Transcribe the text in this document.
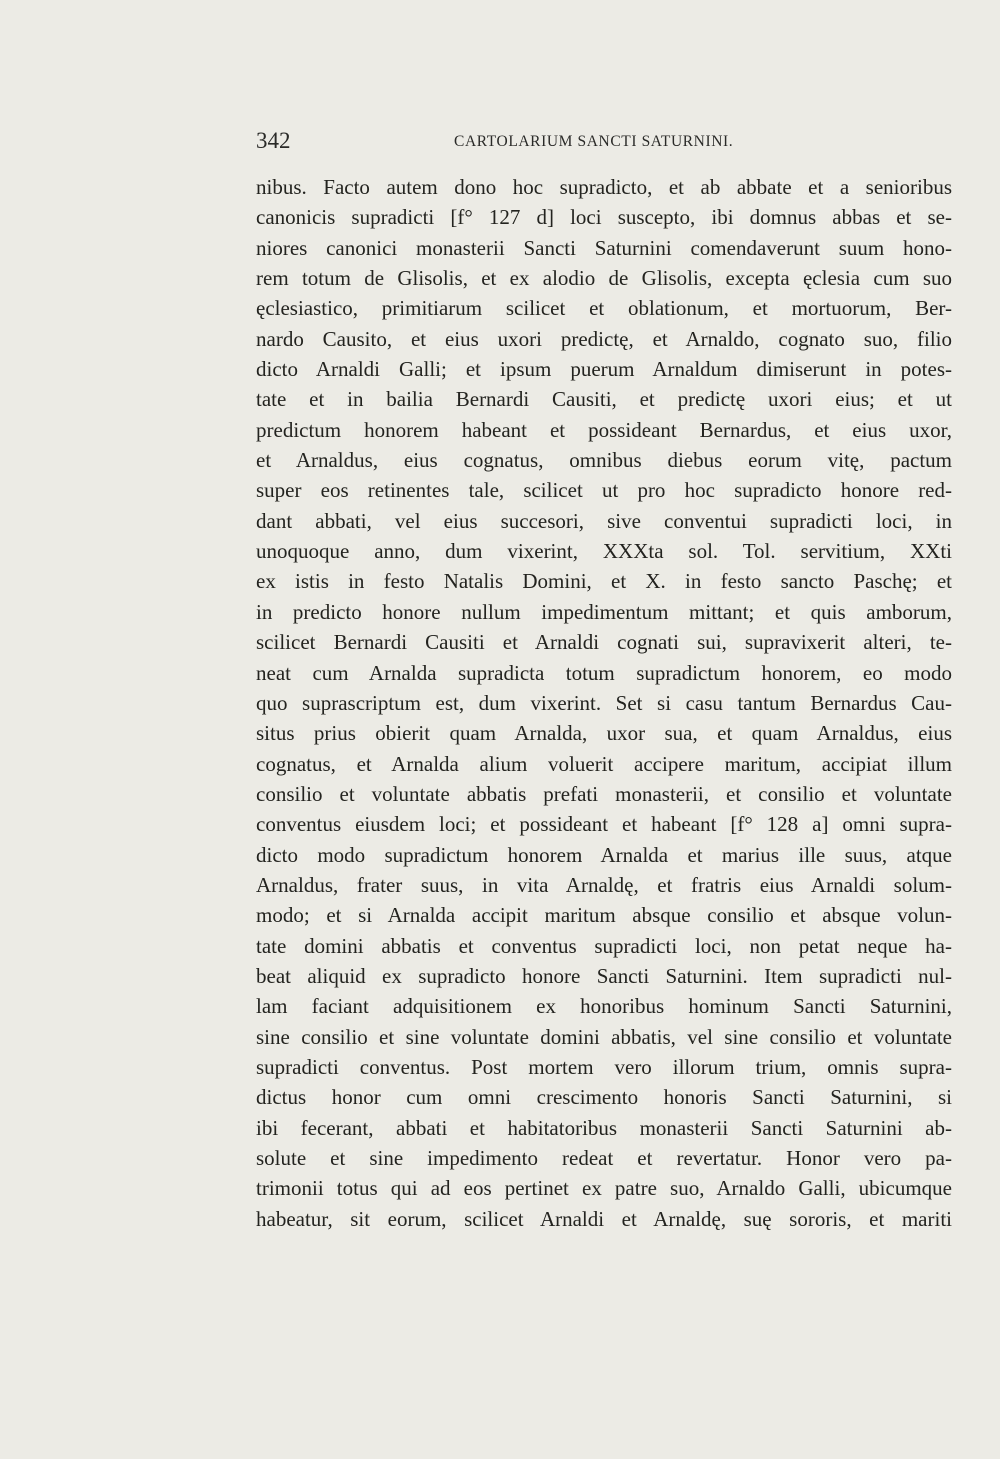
342	CARTOLARIUM SANCTI SATURNINI.
nibus. Facto autem dono hoc supradicto, et ab abbate et a senioribus
canonicis supradicti [f° 127 d] loci suscepto, ibi domnus abbas et se-
niores canonici monasterii Sancti Saturnini comendaverunt suum hono-
rem totum de Glisolis, et ex alodio de Glisolis, excepta ęclesia cum suo
ęclesiastico, primitiarum scilicet et oblationum, et mortuorum, Ber-
nardo Causito, et eius uxori predictę, et Arnaldo, cognato suo, filio
dicto Arnaldi Galli; et ipsum puerum Arnaldum dimiserunt in potes-
tate et in bailia Bernardi Causiti, et predictę uxori eius; et ut
predictum honorem habeant et possideant Bernardus, et eius uxor,
et Arnaldus, eius cognatus, omnibus diebus eorum vitę, pactum
super eos retinentes tale, scilicet ut pro hoc supradicto honore red-
dant abbati, vel eius succesori, sive conventui supradicti loci, in
unoquoque anno, dum vixerint, XXXta sol. Tol. servitium, XXti
ex istis in festo Natalis Domini, et X. in festo sancto Paschę; et
in predicto honore nullum impedimentum mittant; et quis amborum,
scilicet Bernardi Causiti et Arnaldi cognati sui, supravixerit alteri, te-
neat cum Arnalda supradicta totum supradictum honorem, eo modo
quo suprascriptum est, dum vixerint. Set si casu tantum Bernardus Cau-
situs prius obierit quam Arnalda, uxor sua, et quam Arnaldus, eius
cognatus, et Arnalda alium voluerit accipere maritum, accipiat illum
consilio et voluntate abbatis prefati monasterii, et consilio et voluntate
conventus eiusdem loci; et possideant et habeant [f° 128 a] omni supra-
dicto modo supradictum honorem Arnalda et marius ille suus, atque
Arnaldus, frater suus, in vita Arnaldę, et fratris eius Arnaldi solum-
modo; et si Arnalda accipit maritum absque consilio et absque volun-
tate domini abbatis et conventus supradicti loci, non petat neque ha-
beat aliquid ex supradicto honore Sancti Saturnini. Item supradicti nul-
lam faciant adquisitionem ex honoribus hominum Sancti Saturnini,
sine consilio et sine voluntate domini abbatis, vel sine consilio et voluntate
supradicti conventus. Post mortem vero illorum trium, omnis supra-
dictus honor cum omni crescimento honoris Sancti Saturnini, si
ibi fecerant, abbati et habitatoribus monasterii Sancti Saturnini ab-
solute et sine impedimento redeat et revertatur. Honor vero pa-
trimonii totus qui ad eos pertinet ex patre suo, Arnaldo Galli, ubicumque
habeatur, sit eorum, scilicet Arnaldi et Arnaldę, suę sororis, et mariti
